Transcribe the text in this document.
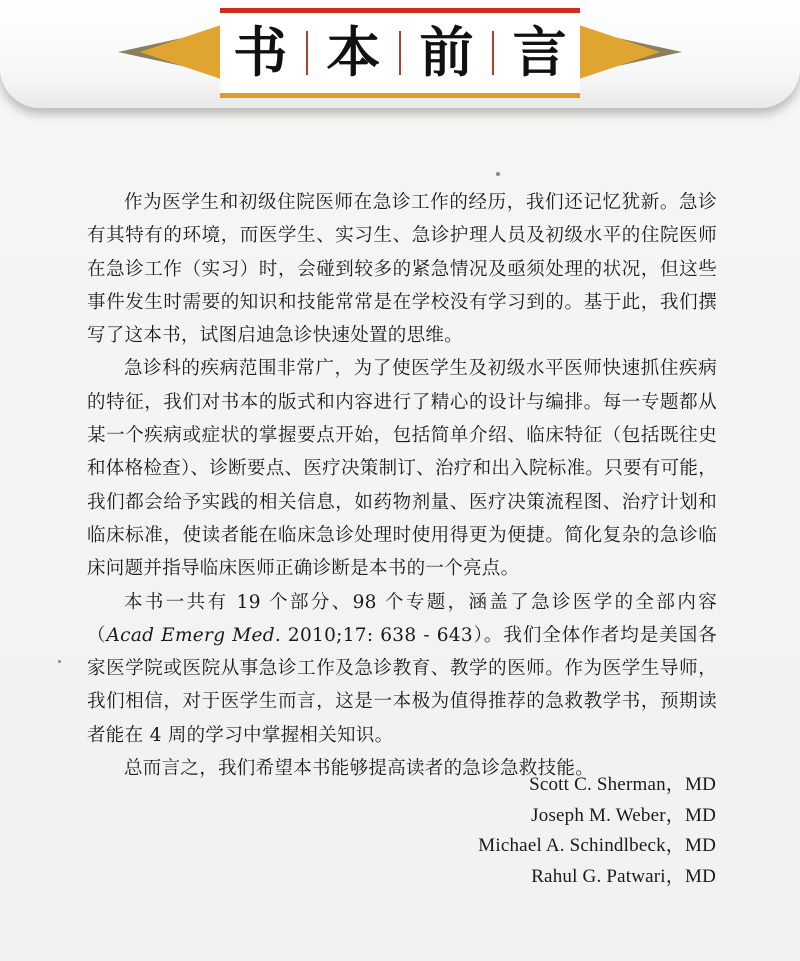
书 本 前 言

作为医学生和初级住院医师在急诊工作的经历，我们还记忆犹新。急诊有其特有的环境，而医学生、实习生、急诊护理人员及初级水平的住院医师在急诊工作（实习）时，会碰到较多的紧急情况及亟须处理的状况，但这些事件发生时需要的知识和技能常常是在学校没有学习到的。基于此，我们撰写了这本书，试图启迪急诊快速处置的思维。

急诊科的疾病范围非常广，为了使医学生及初级水平医师快速抓住疾病的特征，我们对书本的版式和内容进行了精心的设计与编排。每一专题都从某一个疾病或症状的掌握要点开始，包括简单介绍、临床特征（包括既往史和体格检查）、诊断要点、医疗决策制订、治疗和出入院标准。只要有可能，我们都会给予实践的相关信息，如药物剂量、医疗决策流程图、治疗计划和临床标准，使读者能在临床急诊处理时使用得更为便捷。简化复杂的急诊临床问题并指导临床医师正确诊断是本书的一个亮点。

本书一共有 19 个部分、98 个专题，涵盖了急诊医学的全部内容（Acad Emerg Med. 2010;17: 638 - 643）。我们全体作者均是美国各家医学院或医院从事急诊工作及急诊教育、教学的医师。作为医学生导师，我们相信，对于医学生而言，这是一本极为值得推荐的急救教学书，预期读者能在 4 周的学习中掌握相关知识。

总而言之，我们希望本书能够提高读者的急诊急救技能。

Scott C. Sherman，MD
Joseph M. Weber，MD
Michael A. Schindlbeck，MD
Rahul G. Patwari，MD
